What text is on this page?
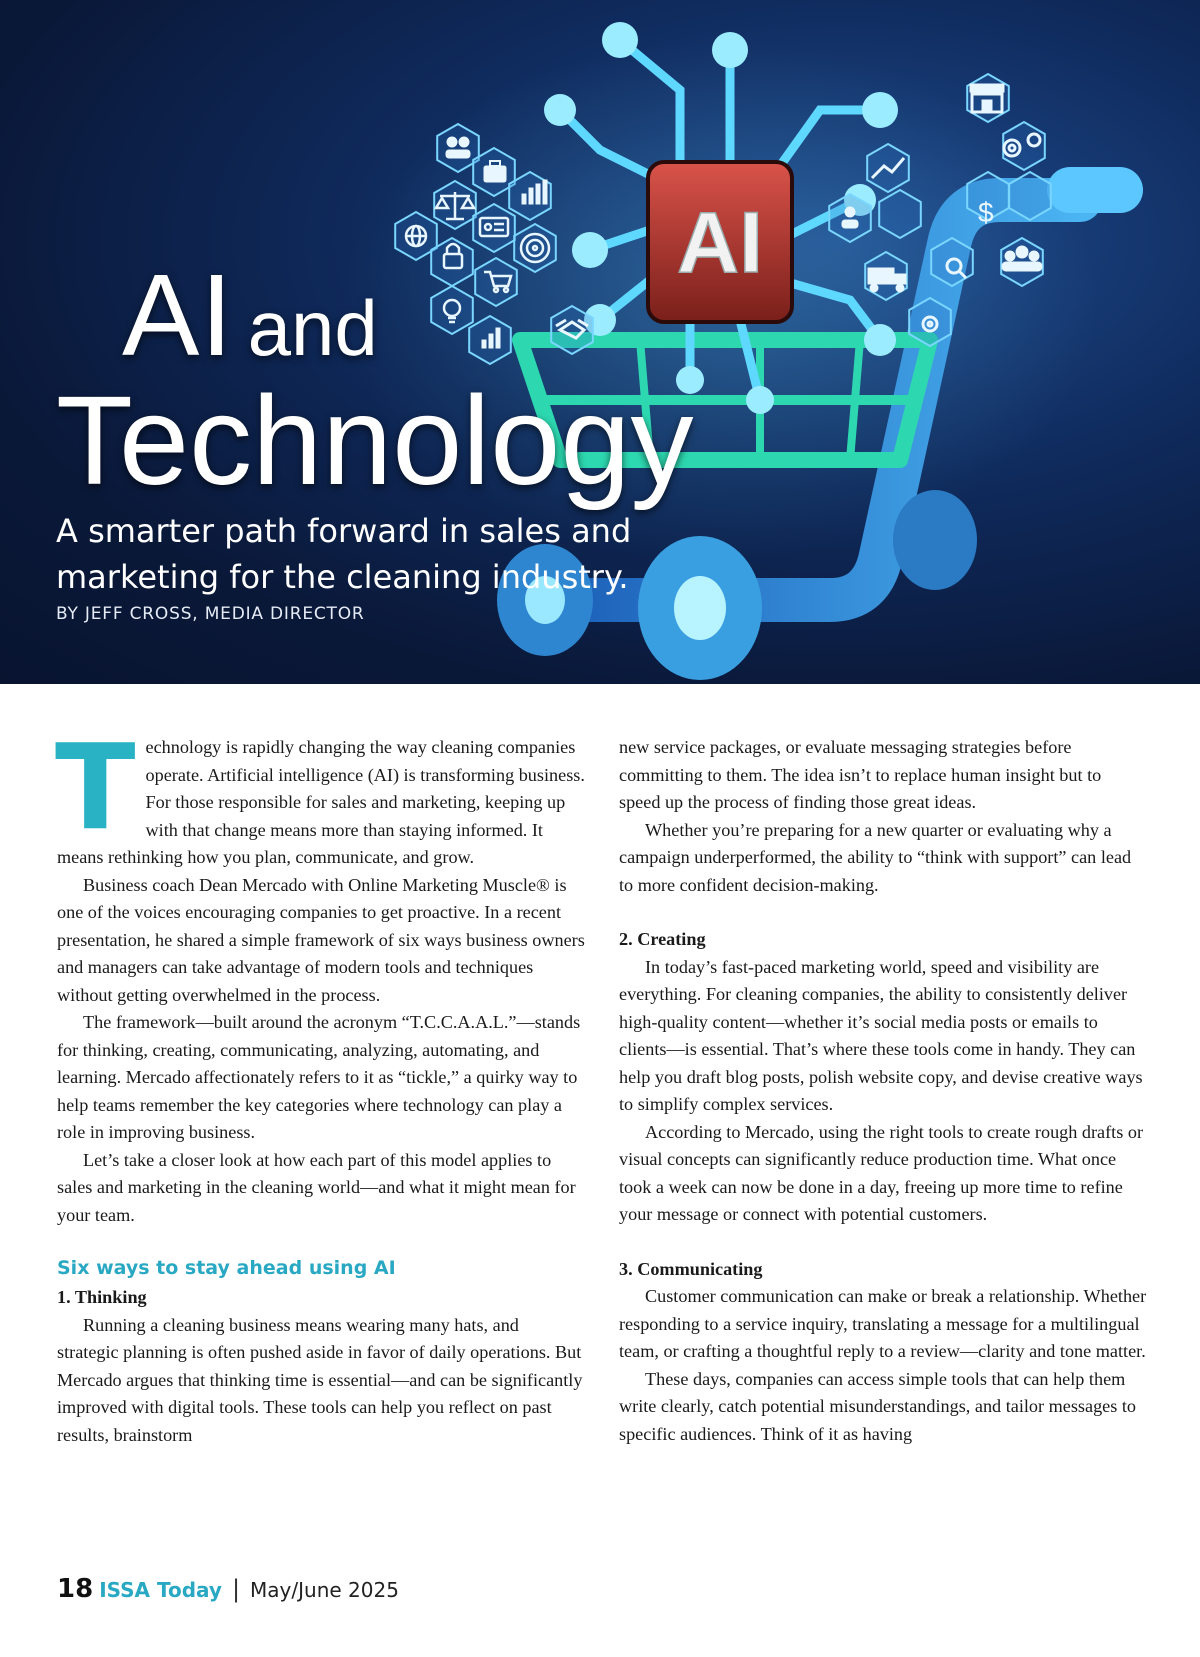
AI	$
AI and
Technology
A smarter path forward in sales and marketing for the cleaning industry.
BY JEFF CROSS, MEDIA DIRECTOR

Technology is rapidly changing the way cleaning companies operate. Artificial intelligence (AI) is transforming business. For those responsible for sales and marketing, keeping up with that change means more than staying informed. It means rethinking how you plan, communicate, and grow.

Business coach Dean Mercado with Online Marketing Muscle® is one of the voices encouraging companies to get proactive. In a recent presentation, he shared a simple framework of six ways business owners and managers can take advantage of modern tools and techniques without getting overwhelmed in the process.

The framework—built around the acronym “T.C.C.A.A.L.”—stands for thinking, creating, communicating, analyzing, automating, and learning. Mercado affectionately refers to it as “tickle,” a quirky way to help teams remember the key categories where technology can play a role in improving business.

Let’s take a closer look at how each part of this model applies to sales and marketing in the cleaning world—and what it might mean for your team.

Six ways to stay ahead using AI
1. Thinking

Running a cleaning business means wearing many hats, and strategic planning is often pushed aside in favor of daily operations. But Mercado argues that thinking time is essential—and can be significantly improved with digital tools. These tools can help you reflect on past results, brainstorm

new service packages, or evaluate messaging strategies before committing to them. The idea isn’t to replace human insight but to speed up the process of finding those great ideas.

Whether you’re preparing for a new quarter or evaluating why a campaign underperformed, the ability to “think with support” can lead to more confident decision-making.

2. Creating

In today’s fast-paced marketing world, speed and visibility are everything. For cleaning companies, the ability to consistently deliver high-quality content—whether it’s social media posts or emails to clients—is essential. That’s where these tools come in handy. They can help you draft blog posts, polish website copy, and devise creative ways to simplify complex services.

According to Mercado, using the right tools to create rough drafts or visual concepts can significantly reduce production time. What once took a week can now be done in a day, freeing up more time to refine your message or connect with potential customers.

3. Communicating

Customer communication can make or break a relationship. Whether responding to a service inquiry, translating a message for a multilingual team, or crafting a thoughtful reply to a review—clarity and tone matter.

These days, companies can access simple tools that can help them write clearly, catch potential misunderstandings, and tailor messages to specific audiences. Think of it as having

18 ISSA Today | May/June 2025
